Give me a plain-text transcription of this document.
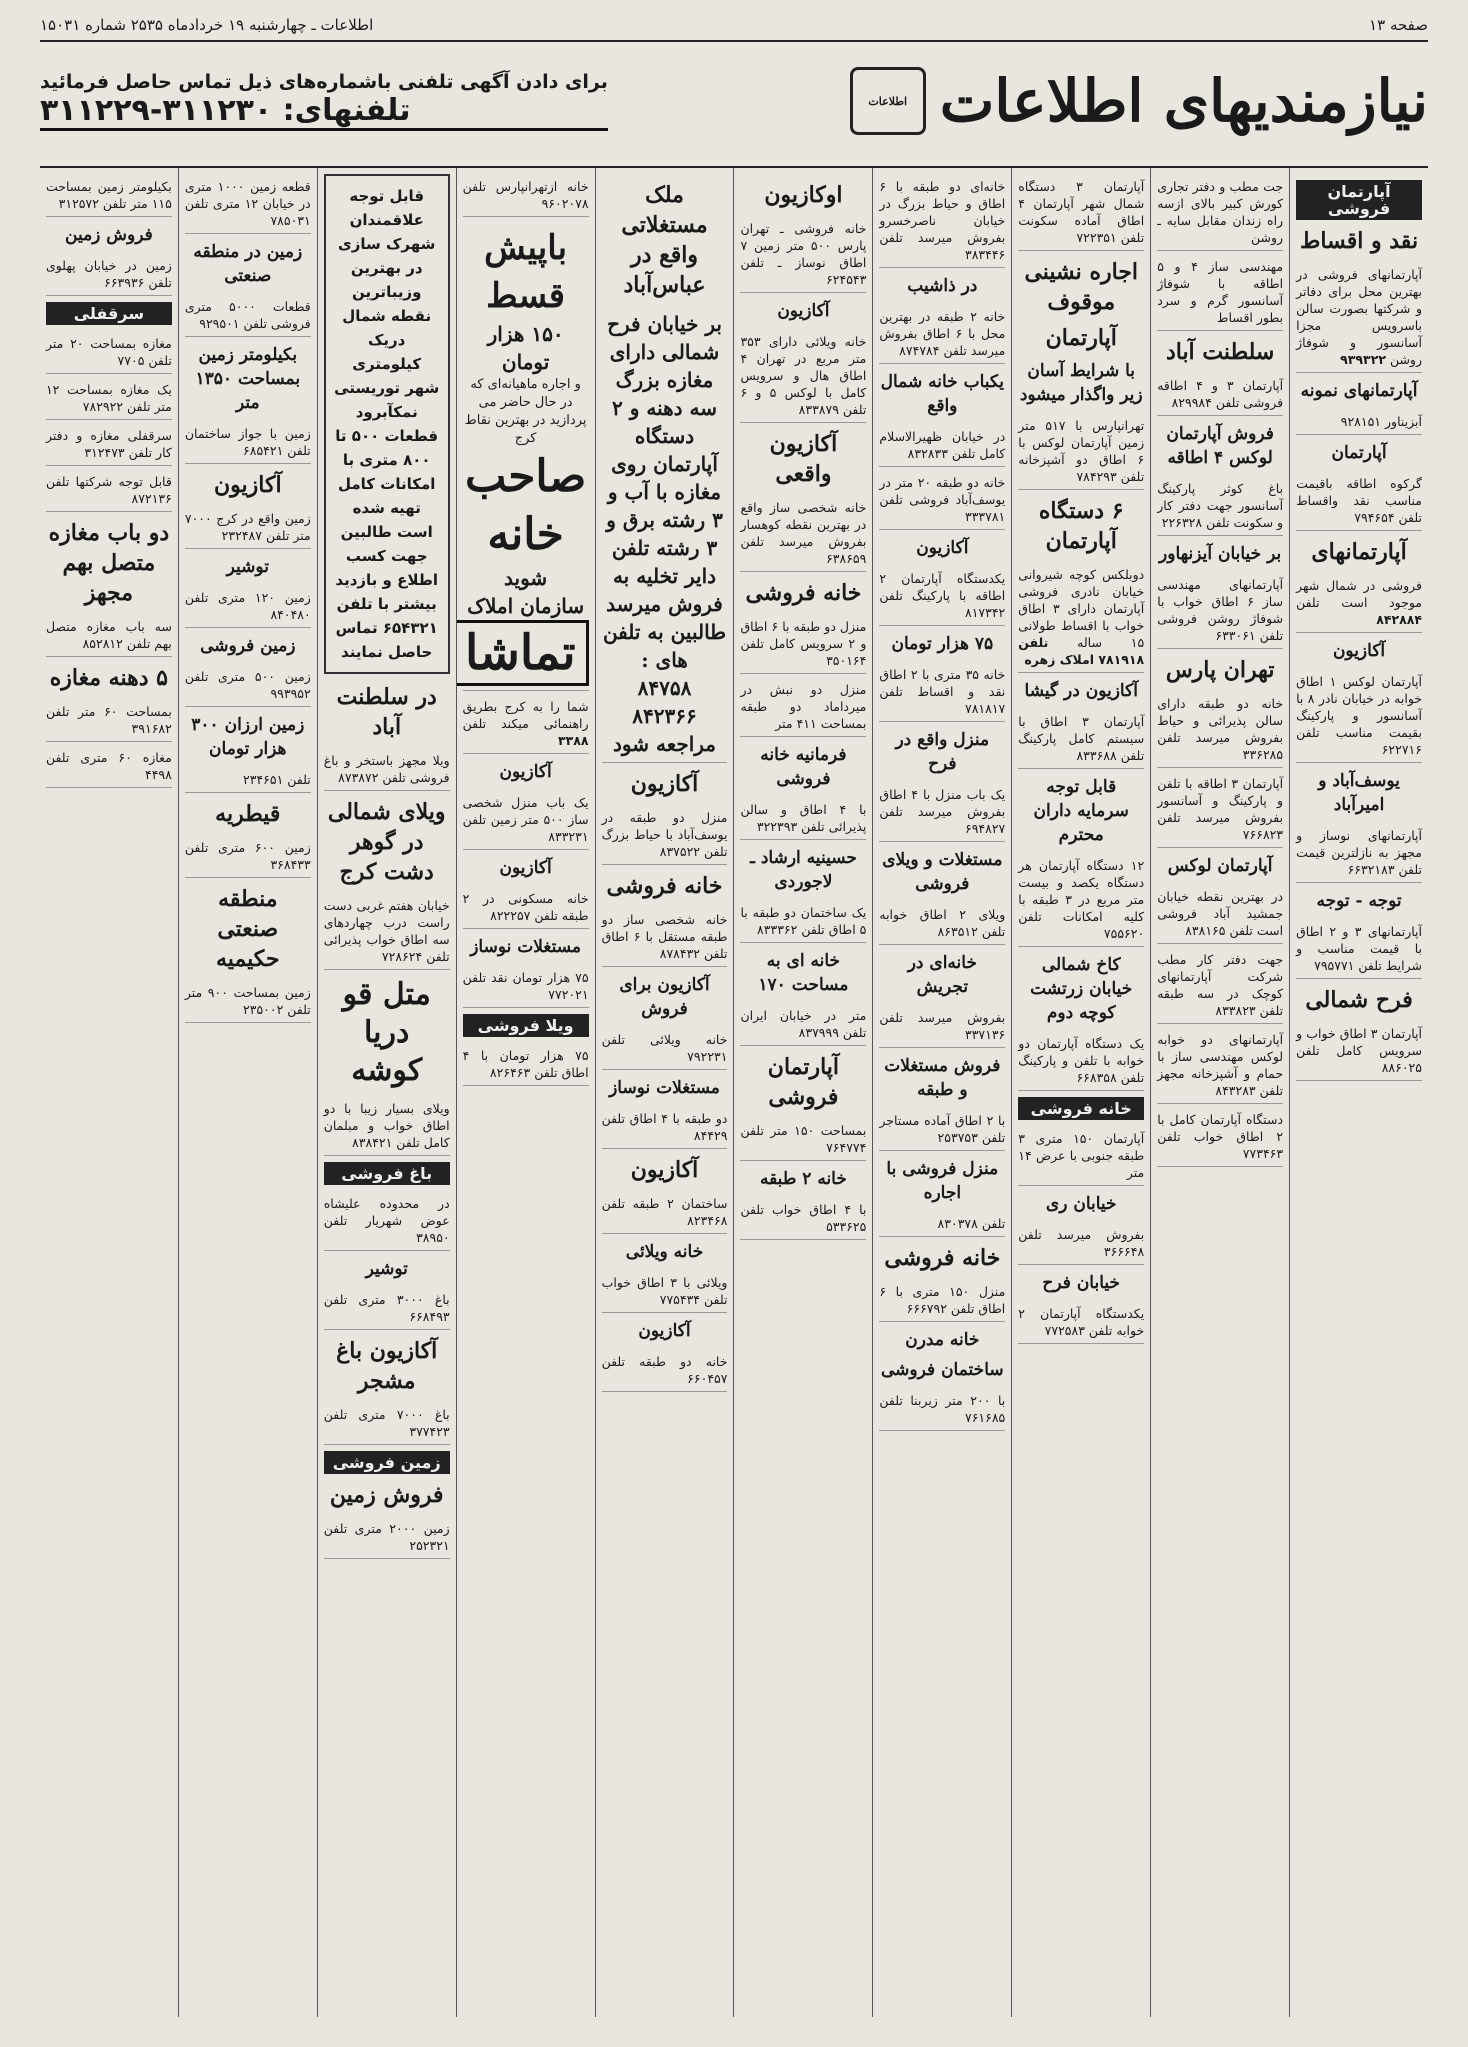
صفحه ۱۳
اطلاعات ـ چهارشنبه ۱۹ خردادماه ۲۵۳۵ شماره ۱۵۰۳۱
نیازمندیهای اطلاعات
اطلاعات
برای دادن آگهی تلفنی باشماره‌های ذیل تماس حاصل فرمائید
تلفنهای: ۳۱۱۲۳۰-۳۱۱۲۲۹
آپارتمان فروشی
نقد و اقساط
آپارتمانهای فروشی در بهترین محل برای دفاتر و شرکتها بصورت سالن باسرویس مجزا آسانسور و شوفاژ روشن ۹۳۹۳۲۲
آپارتمانهای نمونه
آبزیناور ۹۲۸۱۵۱
آپارتمان
گرکوه اطاقه باقیمت مناسب نقد واقساط تلفن ۷۹۴۶۵۴
آپارتمانهای
فروشی در شمال شهر موجود است تلفن ۸۴۲۸۸۴
آکازیون
آپارتمان لوکس ۱ اطاق خوابه در خیابان نادر ۸ با آسانسور و پارکینگ بقیمت مناسب تلفن ۶۲۲۷۱۶
یوسف‌آباد و امیرآباد
آپارتمانهای نوساز و مجهز به نازلترین قیمت تلفن ۶۶۳۲۱۸۳
توجه - توجه
آپارتمانهای ۳ و ۲ اطاق با قیمت مناسب و شرایط تلفن ۷۹۵۷۷۱
فرح شمالی
آپارتمان ۳ اطاق خواب و سرویس کامل تلفن ۸۸۶۰۲۵
جت مطب و دفتر تجاری کورش کبیر بالای ازسه راه زندان مقابل سایه ـ روشن
مهندسی ساز ۴ و ۵ اطاقه با شوفاژ آسانسور گرم و سرد بطور اقساط
سلطنت آباد
آپارتمان ۳ و ۴ اطاقه فروشی تلفن ۸۲۹۹۸۴
فروش آپارتمان لوکس ۴ اطاقه
باغ کوثر پارکینگ آسانسور جهت دفتر کار و سکونت تلفن ۲۲۶۳۲۸
بر خیابان آیزنهاور
آپارتمانهای مهندسی ساز ۶ اطاق خواب با شوفاژ روشن فروشی تلفن ۶۳۳۰۶۱
تهران پارس
خانه دو طبقه دارای سالن پذیرائی و حیاط بفروش میرسد تلفن ۳۳۶۲۸۵
آپارتمان ۳ اطاقه با تلفن و پارکینگ و آسانسور بفروش میرسد تلفن ۷۶۶۸۲۳
آپارتمان لوکس
در بهترین نقطه خیابان جمشید آباد فروشی است تلفن ۸۳۸۱۶۵
جهت دفتر کار مطب شرکت آپارتمانهای کوچک در سه طبقه تلفن ۸۳۳۸۲۳
آپارتمانهای دو خوابه لوکس مهندسی ساز با حمام و آشپزخانه مجهز تلفن ۸۴۳۲۸۳
دستگاه آپارتمان کامل با ۲ اطاق خواب تلفن ۷۷۳۴۶۳
آپارتمان ۳ دستگاه شمال شهر آپارتمان ۴ اطاق آماده سکونت تلفن ۷۲۲۳۵۱
اجاره نشینی موقوف
آپارتمان
با شرایط آسان زیر واگذار میشود
تهرانپارس با ۵۱۷ متر زمین آپارتمان لوکس با ۶ اطاق دو آشپزخانه تلفن ۷۸۴۲۹۳
۶ دستگاه آپارتمان
دوبلکس کوچه شیروانی خیابان نادری فروشی آپارتمان دارای ۳ اطاق خواب با اقساط طولانی ۱۵ ساله تلفن ۷۸۱۹۱۸ املاک زهره
آکازیون در گیشا
آپارتمان ۳ اطاق با سیستم کامل پارکینگ تلفن ۸۳۳۶۸۸
قابل توجه سرمایه داران محترم
۱۲ دستگاه آپارتمان هر دستگاه یکصد و بیست متر مربع در ۳ طبقه با کلیه امکانات تلفن ۷۵۵۶۲۰
کاخ شمالی خیابان زرتشت کوچه دوم
یک دستگاه آپارتمان دو خوابه با تلفن و پارکینگ تلفن ۶۶۸۳۵۸
خانه فروشی
آپارتمان ۱۵۰ متری ۳ طبقه جنوبی با عرض ۱۴ متر
خیابان ری
بفروش میرسد تلفن ۳۶۶۶۴۸
خیابان فرح
یکدستگاه آپارتمان ۲ خوابه تلفن ۷۷۲۵۸۳
خانه‌ای دو طبقه با ۶ اطاق و حیاط بزرگ در خیابان ناصرخسرو بفروش میرسد تلفن ۳۸۳۴۴۶
در ذاشیب
خانه ۲ طبقه در بهترین محل با ۶ اطاق بفروش میرسد تلفن ۸۷۴۷۸۴
یکباب خانه شمال واقع
در خیابان ظهیرالاسلام کامل تلفن ۸۳۲۸۳۳
خانه دو طبقه ۲۰ متر در یوسف‌آباد فروشی تلفن ۳۳۳۷۸۱
آکازیون
یکدستگاه آپارتمان ۲ اطاقه با پارکینگ تلفن ۸۱۷۳۴۲
۷۵ هزار تومان
خانه ۳۵ متری با ۲ اطاق نقد و اقساط تلفن ۷۸۱۸۱۷
منزل واقع در فرح
یک باب منزل با ۴ اطاق بفروش میرسد تلفن ۶۹۴۸۲۷
مستغلات و ویلای فروشی
ویلای ۲ اطاق خوابه تلفن ۸۶۳۵۱۲
خانه‌ای در تجریش
بفروش میرسد تلفن ۳۳۷۱۳۶
فروش مستغلات و طبقه
با ۲ اطاق آماده مستاجر تلفن ۲۵۳۷۵۳
منزل فروشی با اجاره
تلفن ۸۳۰۳۷۸
خانه فروشی
منزل ۱۵۰ متری با ۶ اطاق تلفن ۶۶۶۷۹۲
خانه مدرن
ساختمان فروشی
با ۲۰۰ متر زیربنا تلفن ۷۶۱۶۸۵
اوکازیون
خانه فروشی ـ تهران پارس ۵۰۰ متر زمین ۷ اطاق نوساز ـ تلفن ۶۲۴۵۴۳
آکازیون
خانه ویلائی دارای ۳۵۳ متر مربع در تهران ۴ اطاق هال و سرویس کامل با لوکس ۵ و ۶ تلفن ۸۳۳۸۷۹
آکازیون واقعی
خانه شخصی ساز واقع در بهترین نقطه کوهسار بفروش میرسد تلفن ۶۳۸۶۵۹
خانه فروشی
منزل دو طبقه با ۶ اطاق و ۲ سرویس کامل تلفن ۳۵۰۱۶۴
منزل دو نبش در میرداماد دو طبقه بمساحت ۴۱۱ متر
فرمانیه خانه فروشی
با ۴ اطاق و سالن پذیرائی تلفن ۳۲۲۳۹۳
حسینیه ارشاد ـ لاجوردی
یک ساختمان دو طبقه با ۵ اطاق تلفن ۸۳۳۳۶۲
خانه ای به مساحت ۱۷۰
متر در خیابان ایران تلفن ۸۳۷۹۹۹
آپارتمان فروشی
بمساحت ۱۵۰ متر تلفن ۷۶۴۷۷۴
خانه ۲ طبقه
با ۴ اطاق خواب تلفن ۵۳۳۶۲۵
ملک مستغلاتی واقع در عباس‌آباد
بر خیابان فرح شمالی دارای مغازه بزرگ سه دهنه و ۲ دستگاه آپارتمان روی مغازه با آب و ۳ رشته برق و ۳ رشته تلفن دایر تخلیه به فروش میرسد طالبین به تلفن های :
۸۴۷۵۸
۸۴۲۳۶۶
مراجعه شود
آکازیون
منزل دو طبقه در یوسف‌آباد با حیاط بزرگ تلفن ۸۳۷۵۲۲
خانه فروشی
خانه شخصی ساز دو طبقه مستقل با ۶ اطاق تلفن ۸۷۸۴۳۲
آکازیون برای فروش
خانه ویلائی تلفن ۷۹۲۲۳۱
مستغلات نوساز
دو طبقه با ۴ اطاق تلفن ۸۴۴۲۹
آکازیون
ساختمان ۲ طبقه تلفن ۸۲۳۴۶۸
خانه ویلائی
ویلائی با ۳ اطاق خواب تلفن ۷۷۵۴۳۴
آکازیون
خانه دو طبقه تلفن ۶۶۰۴۵۷
خانه ازتهرانپارس تلفن ۹۶۰۲۰۷۸
باپیش
قسط
۱۵۰ هزار تومان
و اجاره ماهیانه‌ای که در حال حاضر می پردازید در بهترین نقاط کرج
صاحب
خانه
شوید
سازمان املاک
تماشا
شما را به کرج بطریق راهنمائی میکند تلفن ۳۳۸۸
آکازیون
یک باب منزل شخصی ساز ۵۰۰ متر زمین تلفن ۸۳۳۲۳۱
آکازیون
خانه مسکونی در ۲ طبقه تلفن ۸۲۲۲۵۷
مستغلات نوساز
۷۵ هزار تومان نقد تلفن ۷۷۲۰۲۱
ویلا فروشی
۷۵ هزار تومان با ۴ اطاق تلفن ۸۲۶۴۶۳
قابل توجه علاقمندان شهرک سازی در بهترین وزیباترین نقطه شمال دریک کیلومتری شهر توریستی نمکآبرود قطعات ۵۰۰ تا ۸۰۰ متری با امکانات کامل تهیه شده است طالبین جهت کسب اطلاع و بازدید بیشتر با تلفن ۶۵۴۳۲۱ تماس حاصل نمایند
در سلطنت آباد
ویلا مجهز باستخر و باغ فروشی تلفن ۸۷۳۸۷۲
ویلای شمالی در گوهر دشت کرج
خیابان هفتم غربی دست راست درب چهاردهای سه اطاق خواب پذیرائی تلفن ۷۲۸۶۲۴
متل قو دریا کوشه
ویلای بسیار زیبا با دو اطاق خواب و مبلمان کامل تلفن ۸۳۸۴۲۱
باغ فروشی
در محدوده علیشاه عوض شهریار تلفن ۳۸۹۵۰
توشیر
باغ ۳۰۰۰ متری تلفن ۶۶۸۴۹۳
آکازیون باغ مشجر
باغ ۷۰۰۰ متری تلفن ۳۷۷۴۲۳
زمین فروشی
فروش زمین
زمین ۲۰۰۰ متری تلفن ۲۵۲۳۲۱
قطعه زمین ۱۰۰۰ متری در خیابان ۱۲ متری تلفن ۷۸۵۰۳۱
زمین در منطقه صنعتی
قطعات ۵۰۰۰ متری فروشی تلفن ۹۲۹۵۰۱
بکیلومتر زمین بمساحت ۱۳۵۰ متر
زمین با جواز ساختمان تلفن ۶۸۵۴۲۱
آکازیون
زمین واقع در کرج ۷۰۰۰ متر تلفن ۲۳۲۴۸۷
توشیر
زمین ۱۲۰ متری تلفن ۸۴۰۴۸۰
زمین فروشی
زمین ۵۰۰ متری تلفن ۹۹۳۹۵۲
زمین ارزان ۳۰۰ هزار تومان
تلفن ۲۳۴۶۵۱
قیطریه
زمین ۶۰۰ متری تلفن ۳۶۸۴۳۳
منطقه صنعتی حکیمیه
زمین بمساحت ۹۰۰ متر تلفن ۲۳۵۰۰۲
بکیلومتر زمین بمساحت ۱۱۵ متر تلفن ۳۱۲۵۷۲
فروش زمین
زمین در خیابان پهلوی تلفن ۶۶۳۹۳۶
سرقفلی
مغازه بمساحت ۲۰ متر تلفن ۷۷۰۵
یک مغازه بمساحت ۱۲ متر تلفن ۷۸۲۹۲۲
سرقفلی مغازه و دفتر کار تلفن ۳۱۲۴۷۳
قابل توجه شرکتها تلفن ۸۷۲۱۳۶
دو باب مغازه متصل بهم مجهز
سه باب مغازه متصل بهم تلفن ۸۵۲۸۱۲
۵ دهنه مغازه
بمساحت ۶۰ متر تلفن ۳۹۱۶۸۲
مغازه ۶۰ متری تلفن ۴۴۹۸
